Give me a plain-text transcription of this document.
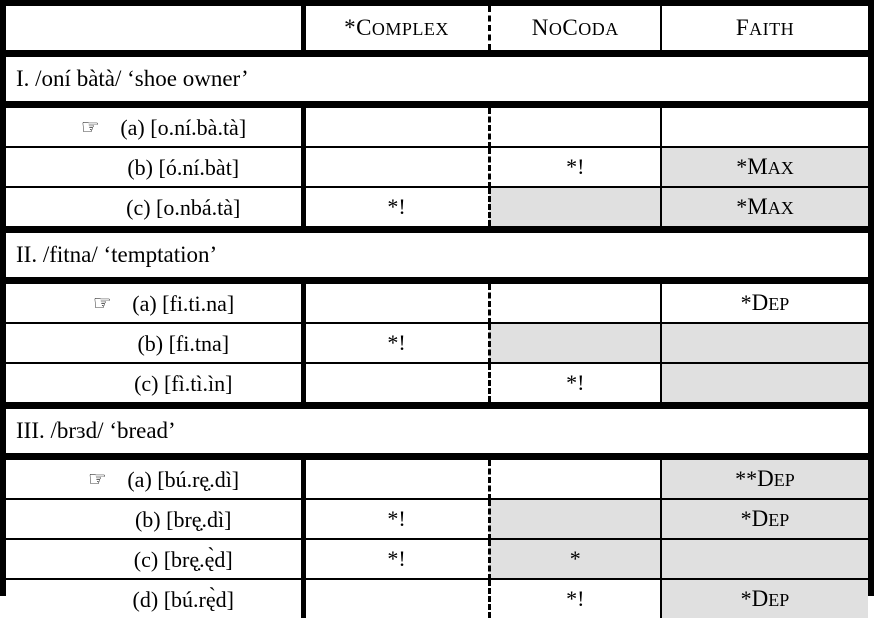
	*COMPLEX	NOCODA	FAITH

I. /oní bàtà/ ‘shoe owner’			

☞ (a) [o.ní.bà.tà]			
(b) [ó.ní.bàt]		*!	*MAX
(c) [o.nbá.tà]	*!		*MAX

II. /fitna/ ‘temptation’			

☞ (a) [fi.ti.na]			*DEP
(b) [fi.tna]	*!		
(c) [fì.tì.ìn]		*!	

III. /brɜd/ ‘bread’			

☞ (a) [bú.rę̣.dì]			**DEP
(b) [brę̣.dì]	*!		*DEP
(c) [brę̣.ę̀d]	*!	*	
(d) [bú.rę̀d]		*!	*DEP
